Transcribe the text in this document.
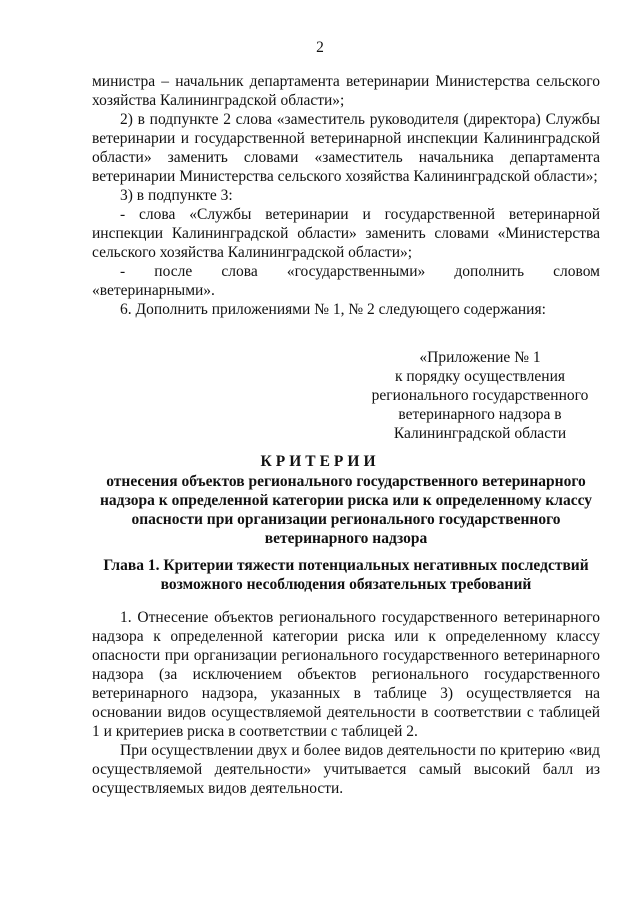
2

министра – начальник департамента ветеринарии Министерства сельского хозяйства Калининградской области»;

2) в подпункте 2 слова «заместитель руководителя (директора) Службы ветеринарии и государственной ветеринарной инспекции Калининградской области» заменить словами «заместитель начальника департамента ветеринарии Министерства сельского хозяйства Калининградской области»;

3) в подпункте 3:

- слова «Службы ветеринарии и государственной ветеринарной инспекции Калининградской области» заменить словами «Министерства сельского хозяйства Калининградской области»;

- после слова «государственными» дополнить словом «ветеринарными».

6. Дополнить приложениями № 1, № 2 следующего содержания:

«Приложение № 1
к порядку осуществления
регионального государственного
ветеринарного надзора в
Калининградской области
КРИТЕРИИ
отнесения объектов регионального государственного ветеринарного надзора к определенной категории риска или к определенному классу опасности при организации регионального государственного ветеринарного надзора
Глава 1. Критерии тяжести потенциальных негативных последствий возможного несоблюдения обязательных требований

1. Отнесение объектов регионального государственного ветеринарного надзора к определенной категории риска или к определенному классу опасности при организации регионального государственного ветеринарного надзора (за исключением объектов регионального государственного ветеринарного надзора, указанных в таблице 3) осуществляется на основании видов осуществляемой деятельности в соответствии с таблицей 1 и критериев риска в соответствии с таблицей 2.

При осуществлении двух и более видов деятельности по критерию «вид осуществляемой деятельности» учитывается самый высокий балл из осуществляемых видов деятельности.
